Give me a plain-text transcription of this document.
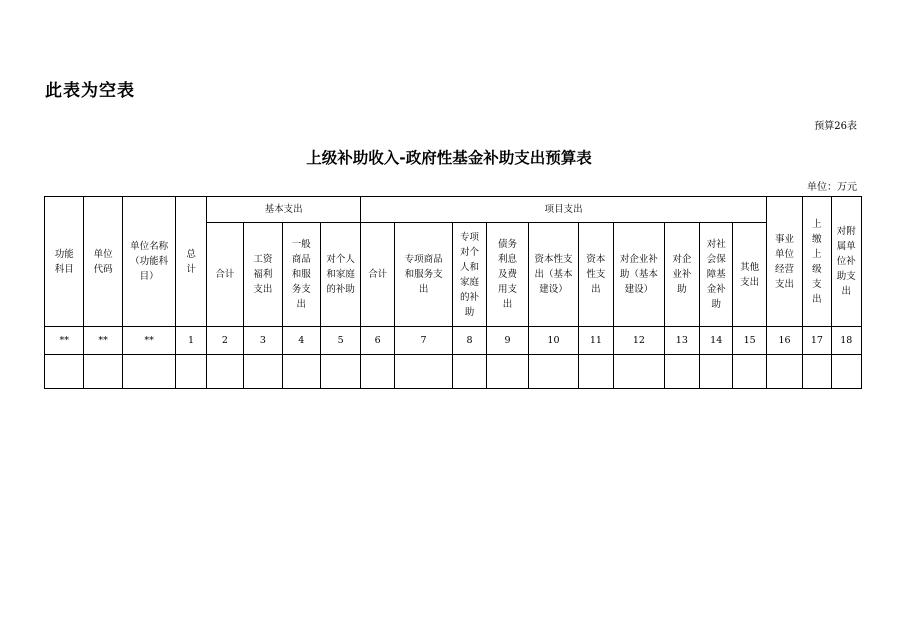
此表为空表
预算26表
上级补助收入-政府性基金补助支出预算表
单位：万元
功能科目	单位代码	单位名称（功能科目）	总计	基本支出				项目支出										事业单位经营支出	上缴上级支出	对附属单位补助支出
				合计	工资福利支出	一般商品和服务支出	对个人和家庭的补助	合计	专项商品和服务支出	专项对个人和家庭的补助	债务利息及费用支出	资本性支出（基本建设）	资本性支出	对企业补助（基本建设）	对企业补助	对社会保障基金补助	其他支出			
**	**	**	1	2	3	4	5	6	7	8	9	10	11	12	13	14	15	16	17	18
